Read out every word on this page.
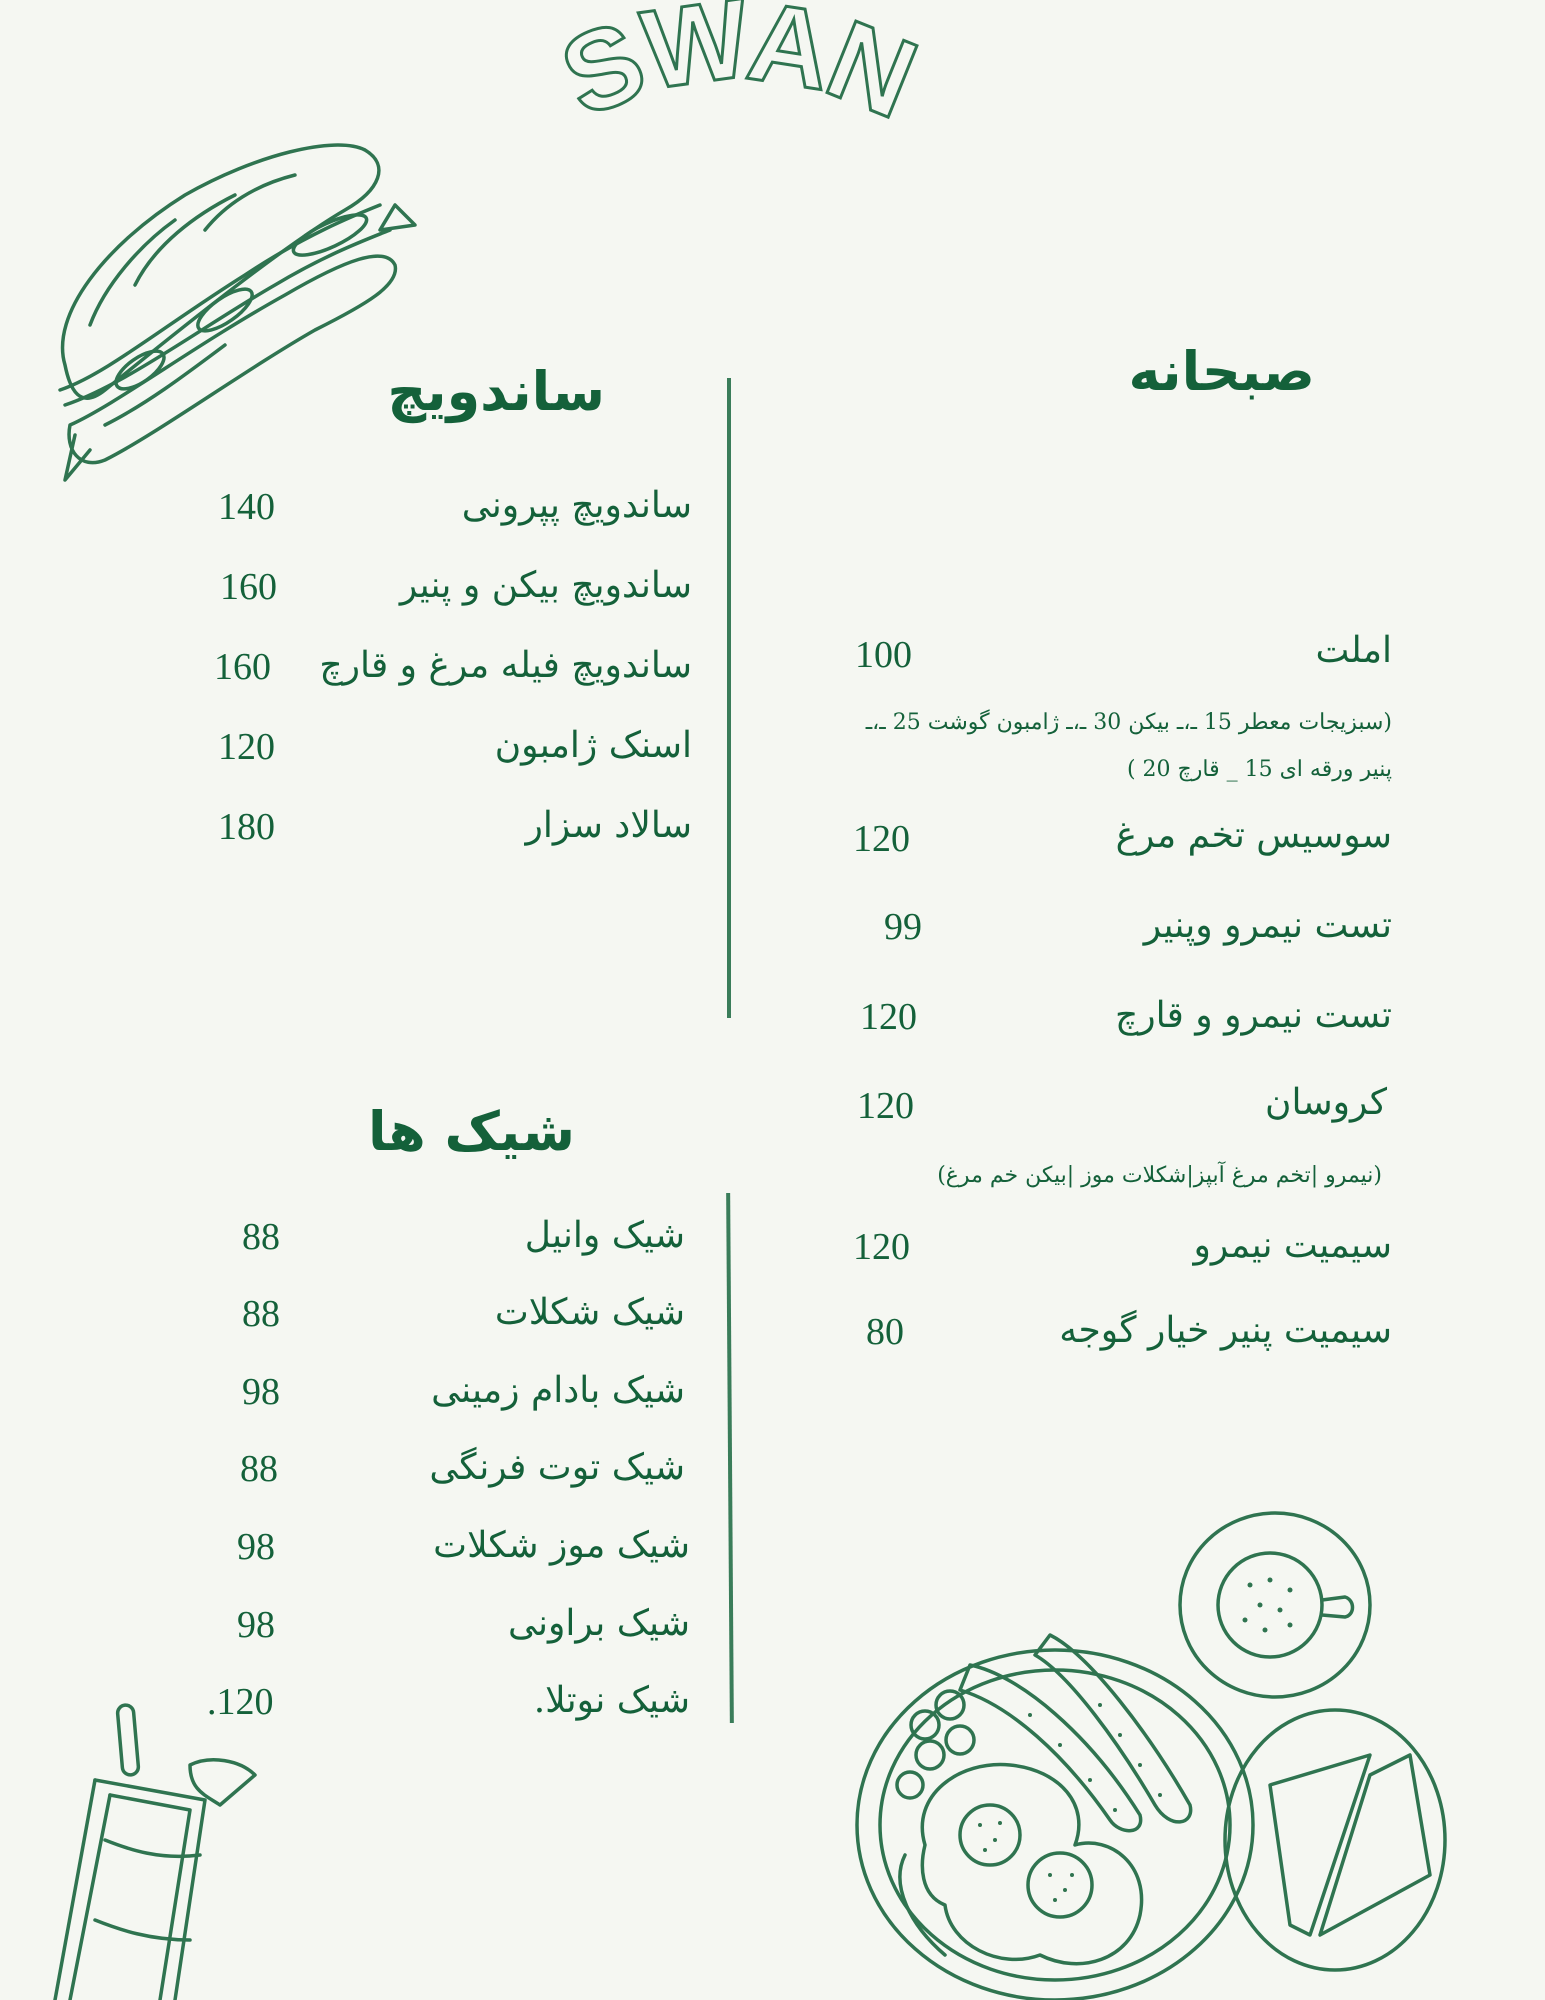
SWAN
صبحانه
ساندویچ
شیک ها
املت
100
(سبزیجات معطر 15 ـ،ـ بیکن 30 ـ،ـ ژامبون گوشت 25 ـ،ـ
پنیر ورقه ای 15 _ قارچ 20 )
سوسیس تخم مرغ
120
تست نیمرو وپنیر
99
تست نیمرو و قارچ
120
کروسان
120
(نیمرو |تخم مرغ آبپز|شکلات موز |بیکن خم مرغ)
سیمیت نیمرو
120
سیمیت پنیر خیار گوجه
80
ساندویچ پپرونی
140
ساندویچ بیکن و پنیر
160
ساندویچ فیله مرغ و قارچ
160
اسنک ژامبون
120
سالاد سزار
180
شیک وانیل
88
شیک شکلات
88
شیک بادام زمینی
98
شیک توت فرنگی
88
شیک موز شکلات
98
شیک براونی
98
شیک نوتلا.
.120
